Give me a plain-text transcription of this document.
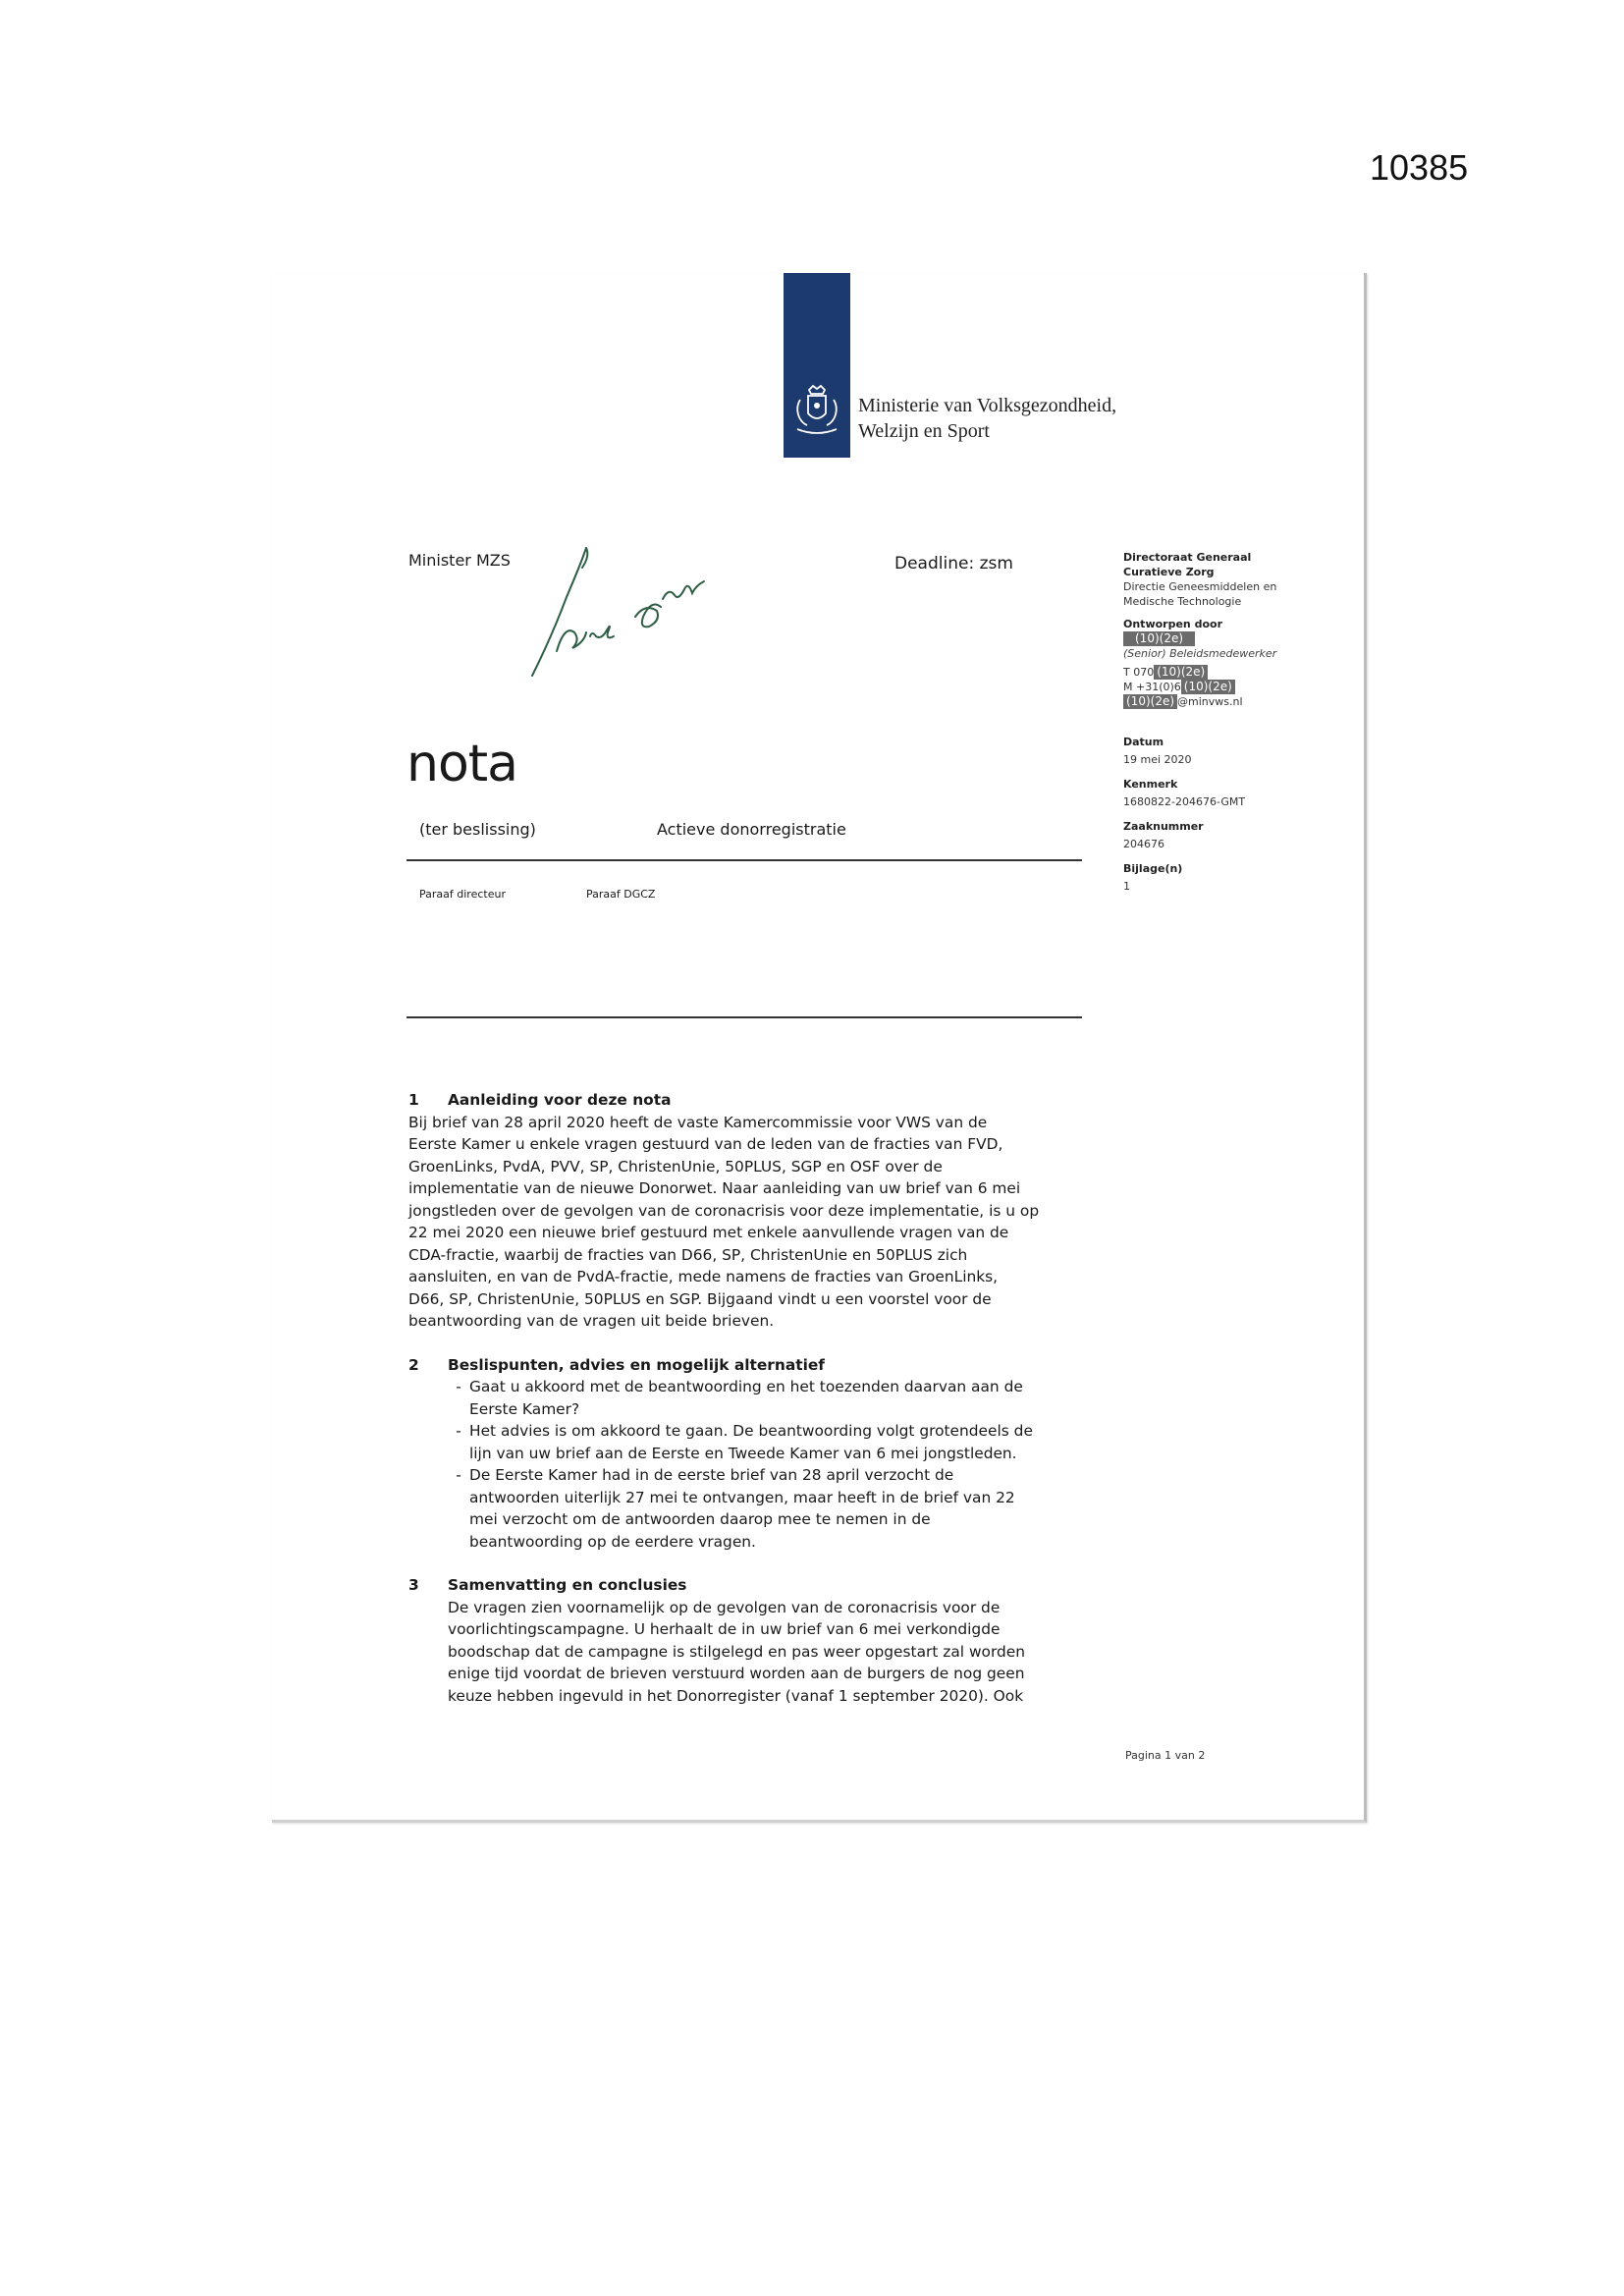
10385
Ministerie van Volksgezondheid,
Welzijn en Sport
Minister MZS	Deadline: zsm
nota
(ter beslissing)	Actieve donorregistratie
Paraaf directeur	Paraaf DGCZ
Directoraat Generaal
Curatieve Zorg
Directie Geneesmiddelen en
Medische Technologie
Ontworpen door
(10)(2e)
(Senior) Beleidsmedewerker
T 070 (10)(2e)
M +31(0)6 (10)(2e)
(10)(2e) @minvws.nl
Datum
19 mei 2020
Kenmerk
1680822-204676-GMT
Zaaknummer
204676
Bijlage(n)
1
1	Aanleiding voor deze nota
Bij brief van 28 april 2020 heeft de vaste Kamercommissie voor VWS van de
Eerste Kamer u enkele vragen gestuurd van de leden van de fracties van FVD,
GroenLinks, PvdA, PVV, SP, ChristenUnie, 50PLUS, SGP en OSF over de
implementatie van de nieuwe Donorwet. Naar aanleiding van uw brief van 6 mei
jongstleden over de gevolgen van de coronacrisis voor deze implementatie, is u op
22 mei 2020 een nieuwe brief gestuurd met enkele aanvullende vragen van de
CDA-fractie, waarbij de fracties van D66, SP, ChristenUnie en 50PLUS zich
aansluiten, en van de PvdA-fractie, mede namens de fracties van GroenLinks,
D66, SP, ChristenUnie, 50PLUS en SGP. Bijgaand vindt u een voorstel voor de
beantwoording van de vragen uit beide brieven.
2	Beslispunten, advies en mogelijk alternatief
- Gaat u akkoord met de beantwoording en het toezenden daarvan aan de
Eerste Kamer?
- Het advies is om akkoord te gaan. De beantwoording volgt grotendeels de
lijn van uw brief aan de Eerste en Tweede Kamer van 6 mei jongstleden.
- De Eerste Kamer had in de eerste brief van 28 april verzocht de
antwoorden uiterlijk 27 mei te ontvangen, maar heeft in de brief van 22
mei verzocht om de antwoorden daarop mee te nemen in de
beantwoording op de eerdere vragen.
3	Samenvatting en conclusies
De vragen zien voornamelijk op de gevolgen van de coronacrisis voor de
voorlichtingscampagne. U herhaalt de in uw brief van 6 mei verkondigde
boodschap dat de campagne is stilgelegd en pas weer opgestart zal worden
enige tijd voordat de brieven verstuurd worden aan de burgers de nog geen
keuze hebben ingevuld in het Donorregister (vanaf 1 september 2020). Ook
Pagina 1 van 2
